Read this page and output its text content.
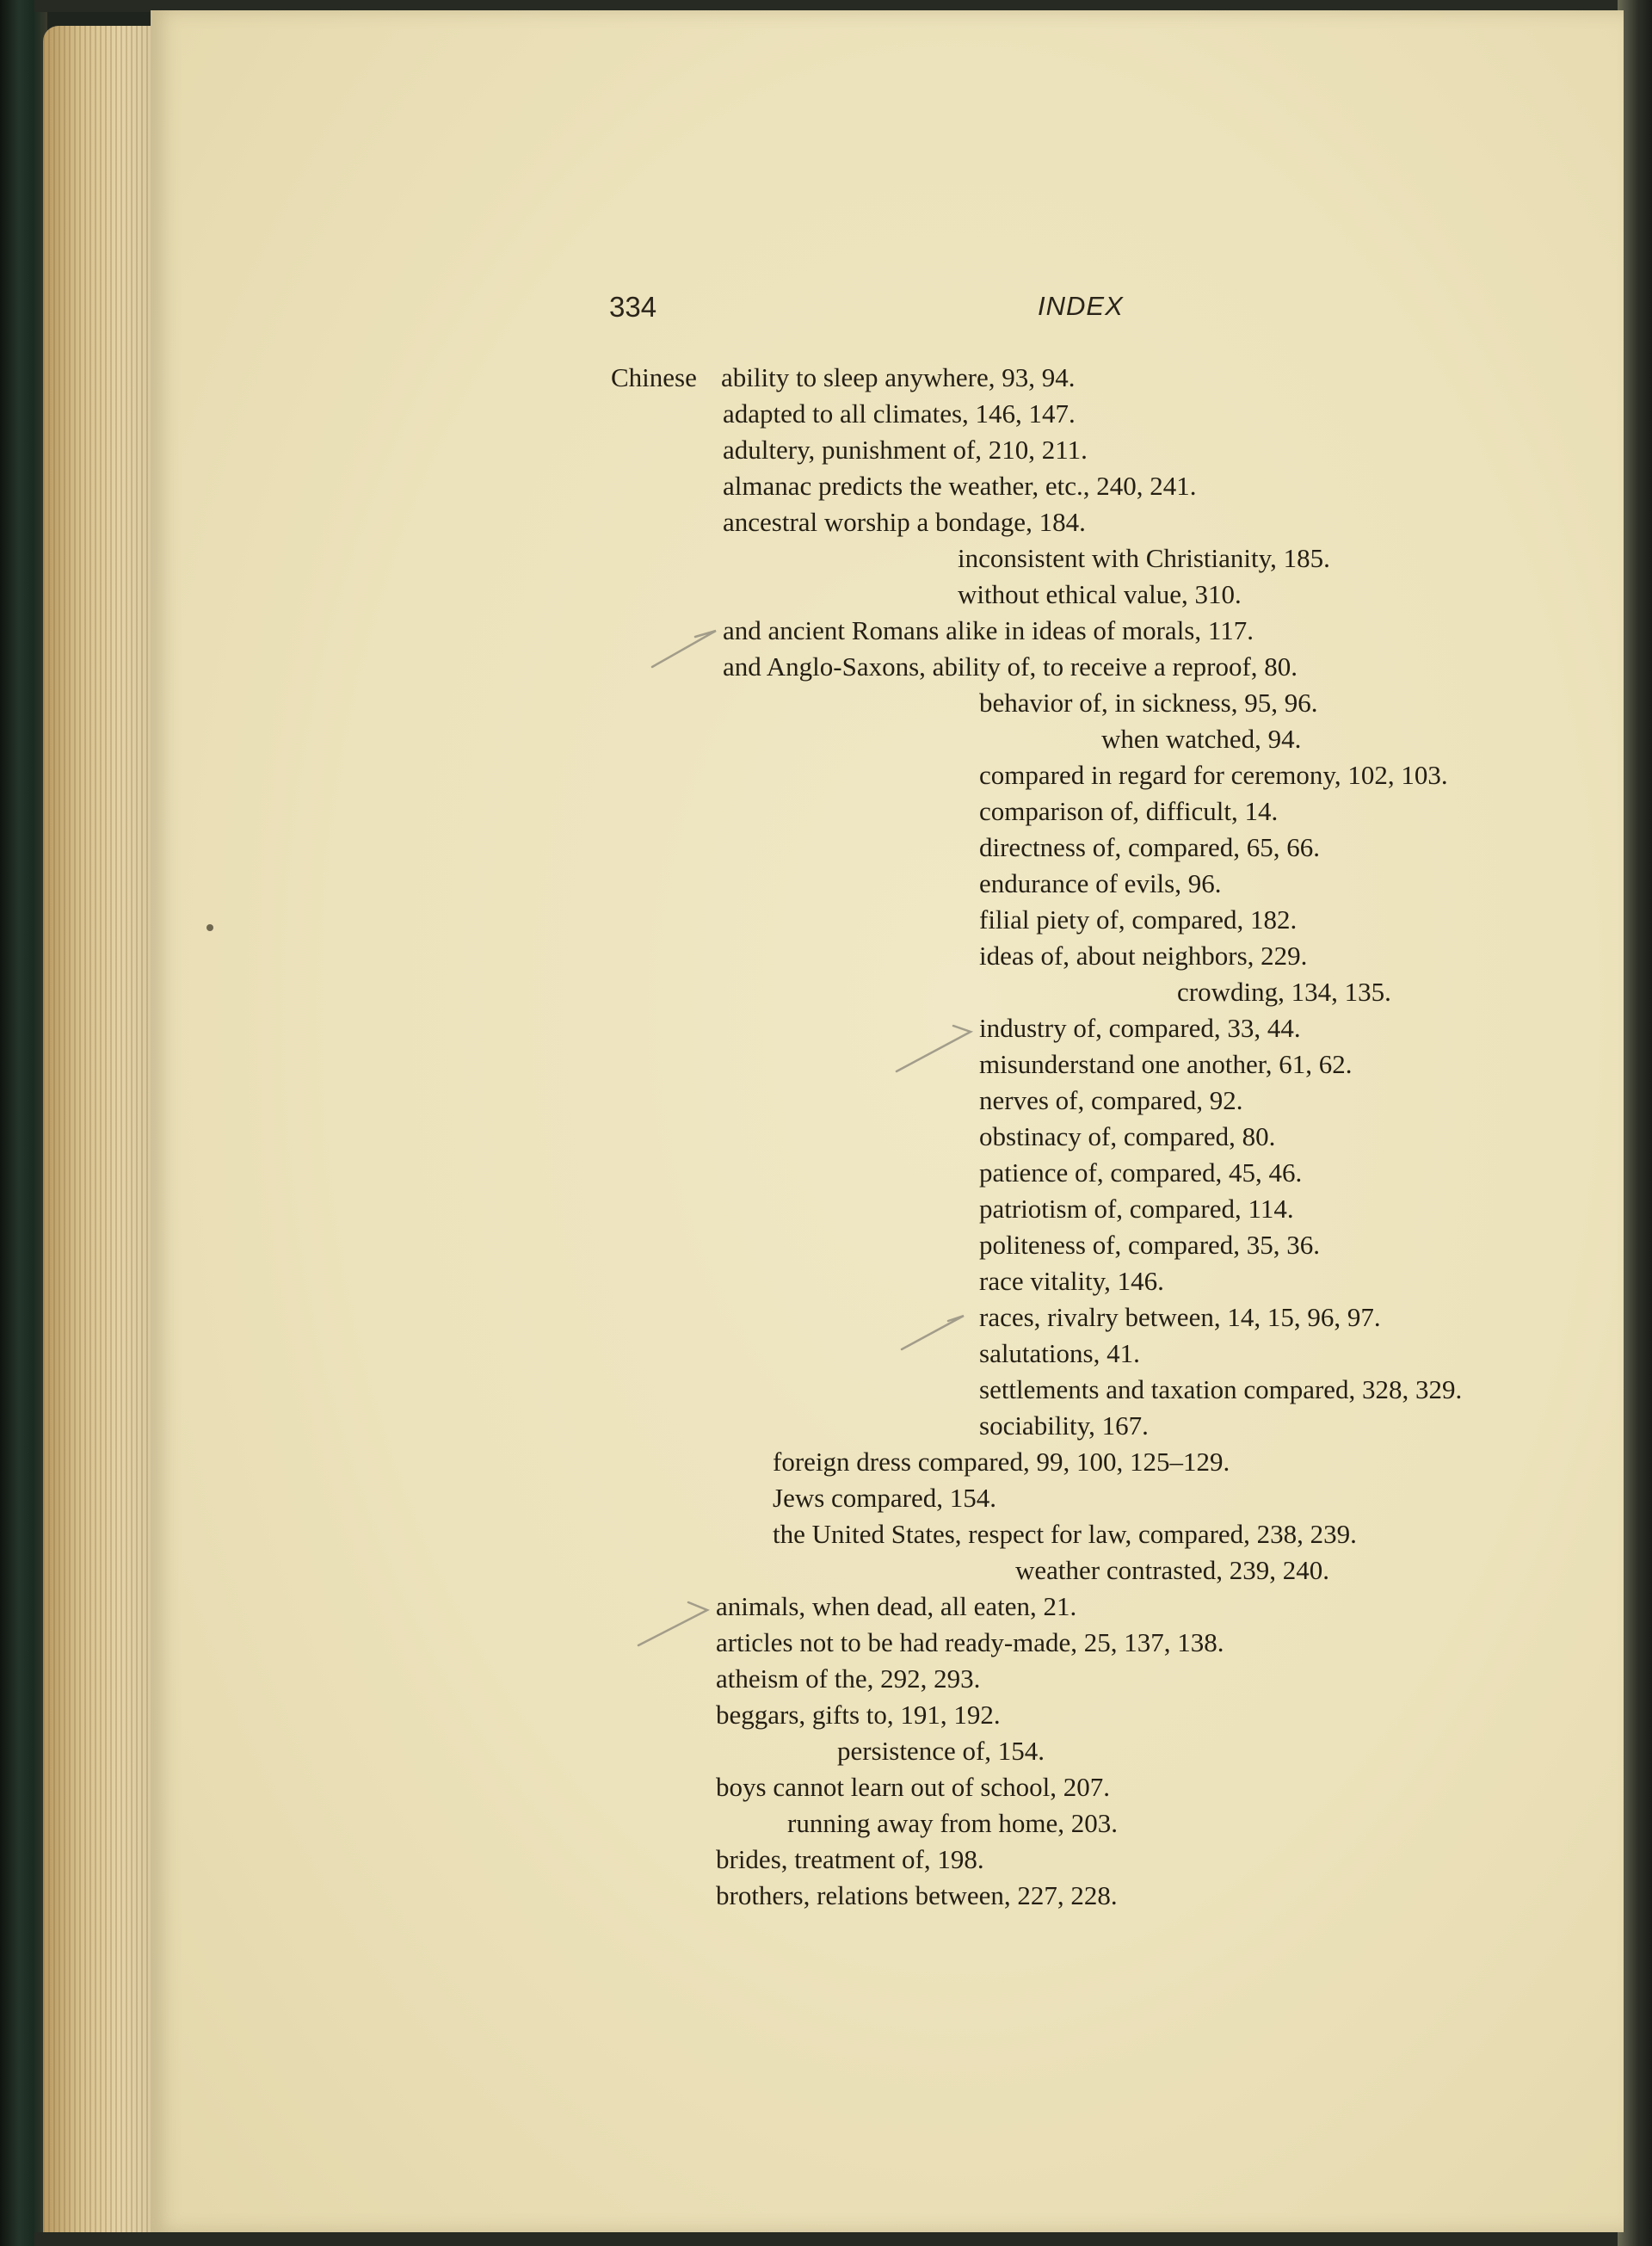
334	INDEX
Chinese ability to sleep anywhere, 93, 94.
adapted to all climates, 146, 147.
adultery, punishment of, 210, 211.
almanac predicts the weather, etc., 240, 241.
ancestral worship a bondage, 184.
inconsistent with Christianity, 185.
without ethical value, 310.
and ancient Romans alike in ideas of morals, 117.
and Anglo-Saxons, ability of, to receive a reproof, 80.
behavior of, in sickness, 95, 96.
when watched, 94.
compared in regard for ceremony, 102, 103.
comparison of, difficult, 14.
directness of, compared, 65, 66.
endurance of evils, 96.
filial piety of, compared, 182.
ideas of, about neighbors, 229.
crowding, 134, 135.
industry of, compared, 33, 44.
misunderstand one another, 61, 62.
nerves of, compared, 92.
obstinacy of, compared, 80.
patience of, compared, 45, 46.
patriotism of, compared, 114.
politeness of, compared, 35, 36.
race vitality, 146.
races, rivalry between, 14, 15, 96, 97.
salutations, 41.
settlements and taxation compared, 328, 329.
sociability, 167.
foreign dress compared, 99, 100, 125–129.
Jews compared, 154.
the United States, respect for law, compared, 238, 239.
weather contrasted, 239, 240.
animals, when dead, all eaten, 21.
articles not to be had ready-made, 25, 137, 138.
atheism of the, 292, 293.
beggars, gifts to, 191, 192.
persistence of, 154.
boys cannot learn out of school, 207.
running away from home, 203.
brides, treatment of, 198.
brothers, relations between, 227, 228.
